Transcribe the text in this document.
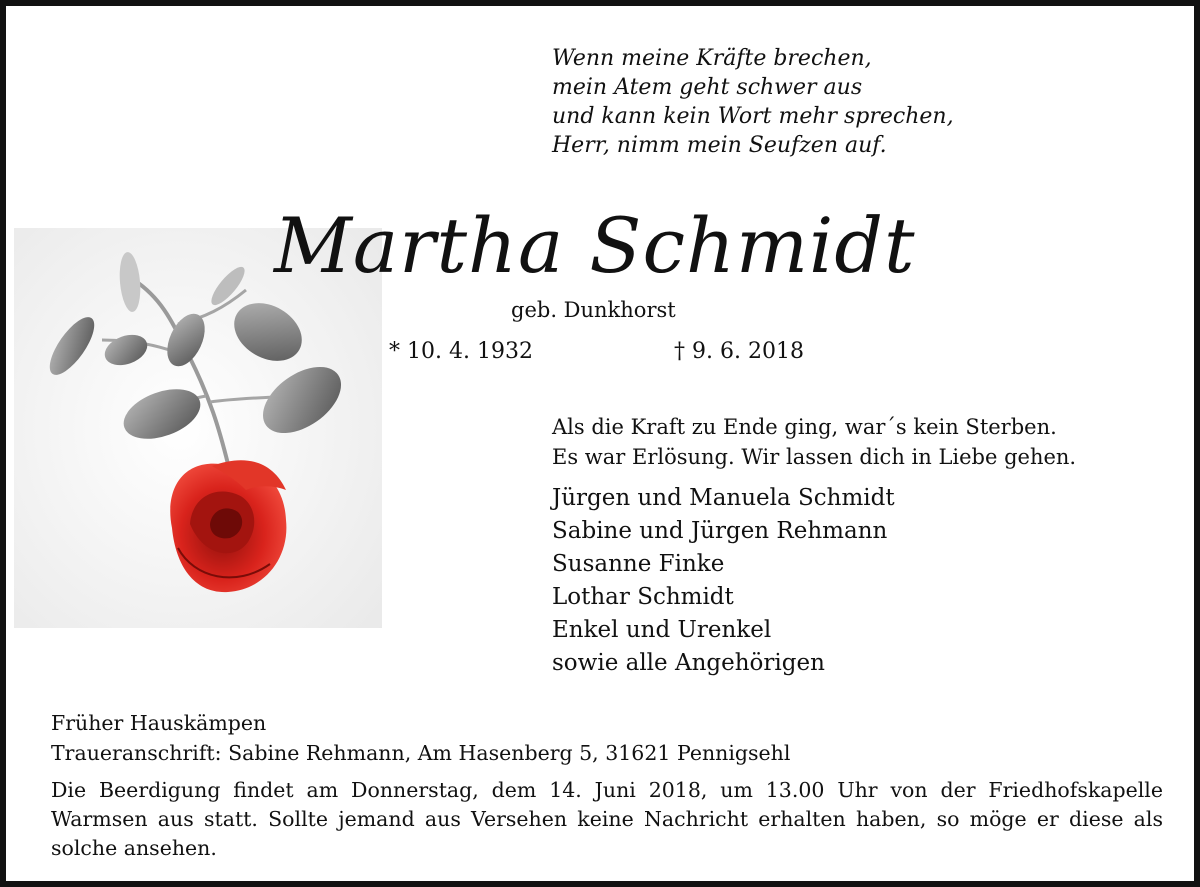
Wenn meine Kräfte brechen,
mein Atem geht schwer aus
und kann kein Wort mehr sprechen,
Herr, nimm mein Seufzen auf.
Martha Schmidt
geb. Dunkhorst
* 10. 4. 1932	† 9. 6. 2018
Als die Kraft zu Ende ging, war´s kein Sterben.
Es war Erlösung. Wir lassen dich in Liebe gehen.
Jürgen und Manuela Schmidt
Sabine und Jürgen Rehmann
Susanne Finke
Lothar Schmidt
Enkel und Urenkel
sowie alle Angehörigen
Früher Hauskämpen
Traueranschrift: Sabine Rehmann, Am Hasenberg 5, 31621 Pennigsehl
Die Beerdigung findet am Donnerstag, dem 14. Juni 2018, um 13.00 Uhr von der Friedhofskapelle Warmsen aus statt. Sollte jemand aus Versehen keine Nachricht erhalten haben, so möge er diese als solche ansehen.
